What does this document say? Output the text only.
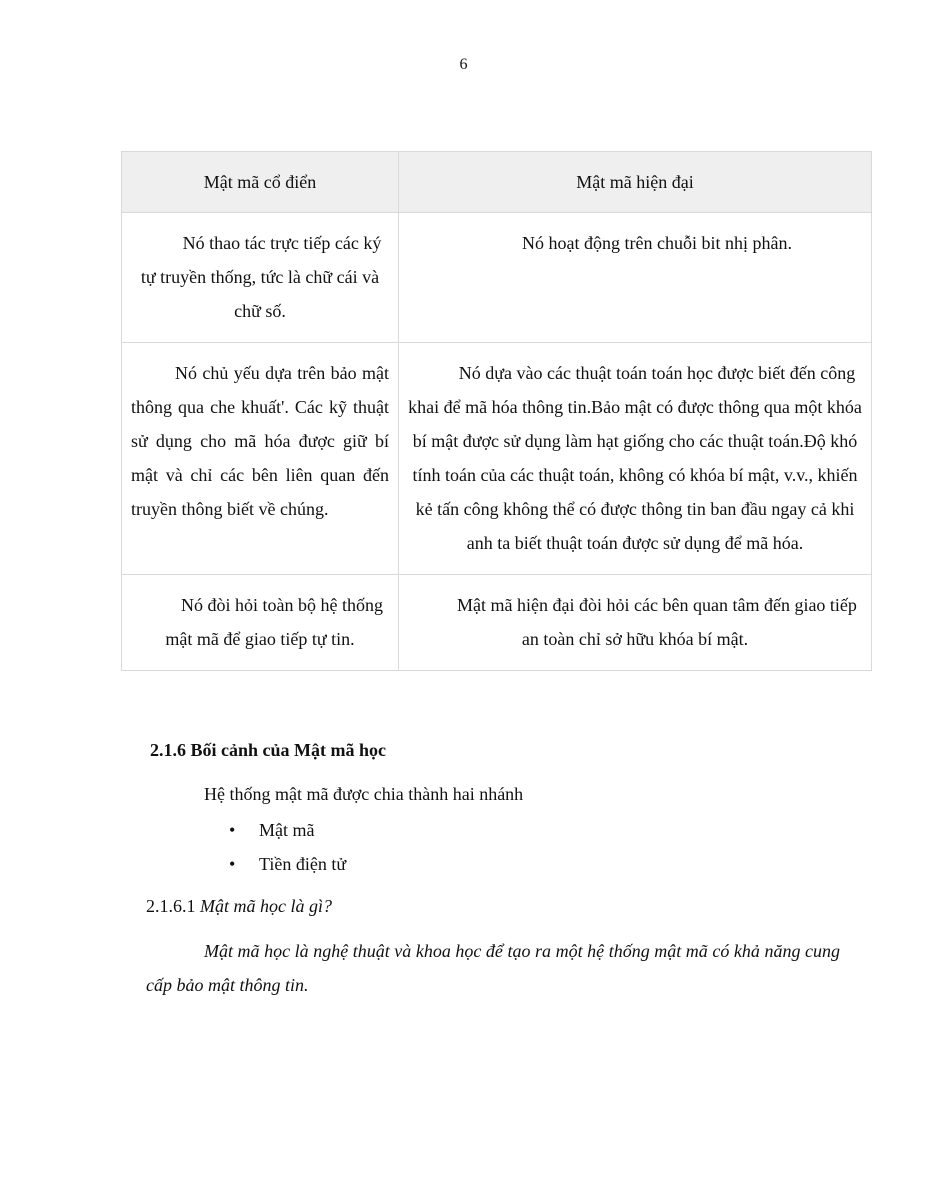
6
Mật mã cổ điển	Mật mã hiện đại

Nó thao tác trực tiếp các ký tự truyền thống, tức là chữ cái và chữ số.	Nó hoạt động trên chuỗi bit nhị phân.

Nó chủ yếu dựa trên bảo mật thông qua che khuất'. Các kỹ thuật sử dụng cho mã hóa được giữ bí mật và chỉ các bên liên quan đến truyền thông biết về chúng.	Nó dựa vào các thuật toán toán học được biết đến công khai để mã hóa thông tin.Bảo mật có được thông qua một khóa bí mật được sử dụng làm hạt giống cho các thuật toán.Độ khó tính toán của các thuật toán, không có khóa bí mật, v.v., khiến kẻ tấn công không thể có được thông tin ban đầu ngay cả khi anh ta biết thuật toán được sử dụng để mã hóa.

Nó đòi hỏi toàn bộ hệ thống mật mã để giao tiếp tự tin.	Mật mã hiện đại đòi hỏi các bên quan tâm đến giao tiếp an toàn chỉ sở hữu khóa bí mật.
2.1.6 Bối cảnh của Mật mã học
Hệ thống mật mã được chia thành hai nhánh
• Mật mã
• Tiền điện tử
2.1.6.1 Mật mã học là gì?
Mật mã học là nghệ thuật và khoa học để tạo ra một hệ thống mật mã có khả năng cung cấp bảo mật thông tin.
